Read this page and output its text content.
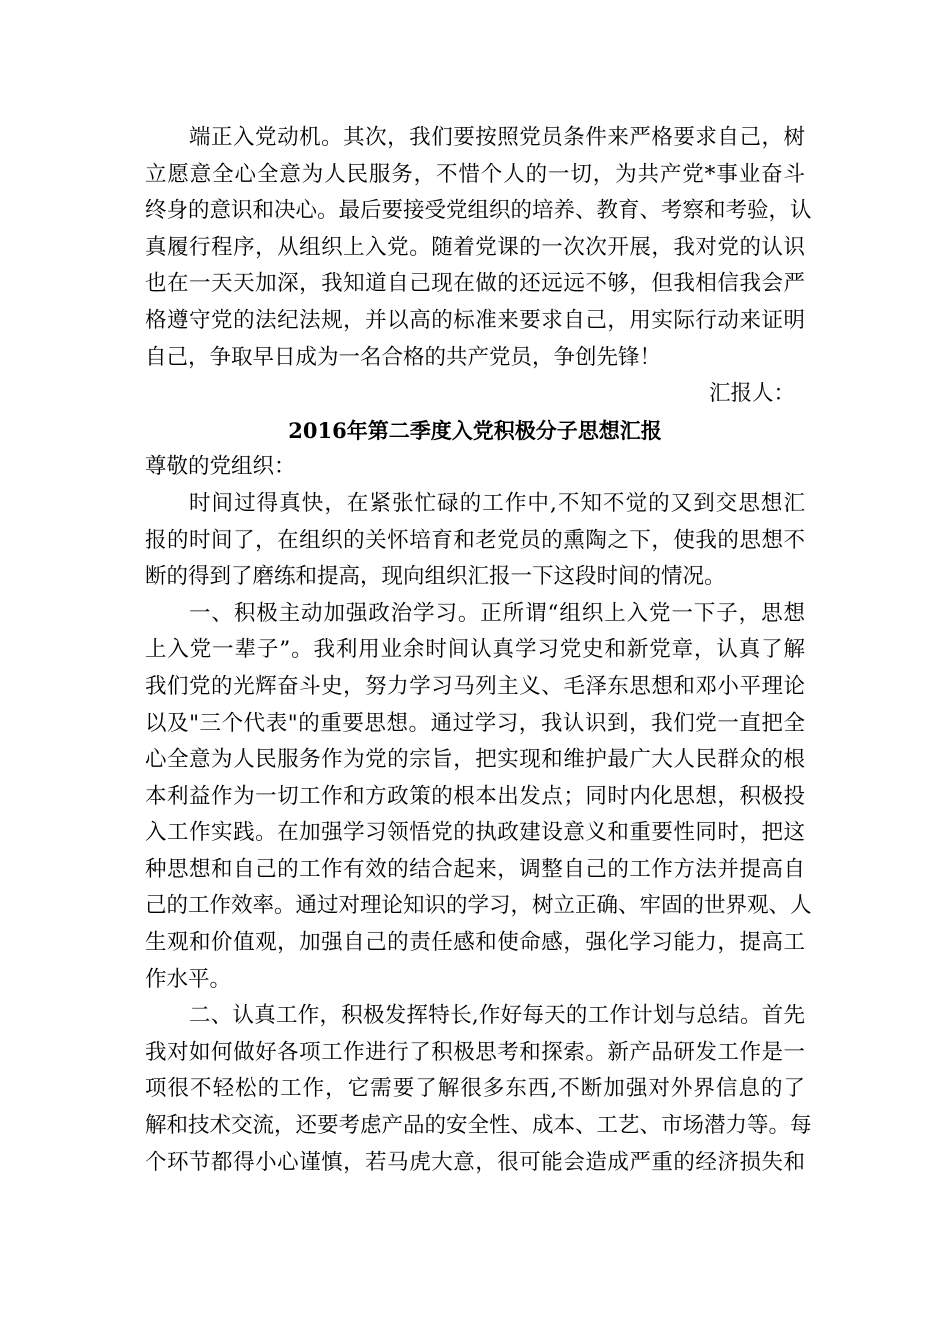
端正入党动机。其次，我们要按照党员条件来严格要求自己，树
立愿意全心全意为人民服务，不惜个人的一切，为共产党*事业奋斗
终身的意识和决心。最后要接受党组织的培养、教育、考察和考验，认
真履行程序，从组织上入党。随着党课的一次次开展，我对党的认识
也在一天天加深，我知道自己现在做的还远远不够，但我相信我会严
格遵守党的法纪法规，并以高的标准来要求自己，用实际行动来证明
自己，争取早日成为一名合格的共产党员，争创先锋！
汇报人：
2016年第二季度入党积极分子思想汇报
尊敬的党组织：
时间过得真快，在紧张忙碌的工作中,不知不觉的又到交思想汇
报的时间了，在组织的关怀培育和老党员的熏陶之下，使我的思想不
断的得到了磨练和提高，现向组织汇报一下这段时间的情况。
一、积极主动加强政治学习。正所谓“组织上入党一下子，思想
上入党一辈子”。我利用业余时间认真学习党史和新党章，认真了解
我们党的光辉奋斗史，努力学习马列主义、毛泽东思想和邓小平理论
以及"三个代表"的重要思想。通过学习，我认识到，我们党一直把全
心全意为人民服务作为党的宗旨，把实现和维护最广大人民群众的根
本利益作为一切工作和方政策的根本出发点；同时内化思想，积极投
入工作实践。在加强学习领悟党的执政建设意义和重要性同时，把这
种思想和自己的工作有效的结合起来，调整自己的工作方法并提高自
己的工作效率。通过对理论知识的学习，树立正确、牢固的世界观、人
生观和价值观，加强自己的责任感和使命感，强化学习能力，提高工
作水平。
二、认真工作，积极发挥特长,作好每天的工作计划与总结。首先
我对如何做好各项工作进行了积极思考和探索。新产品研发工作是一
项很不轻松的工作，它需要了解很多东西,不断加强对外界信息的了
解和技术交流，还要考虑产品的安全性、成本、工艺、市场潜力等。每
个环节都得小心谨慎，若马虎大意，很可能会造成严重的经济损失和
